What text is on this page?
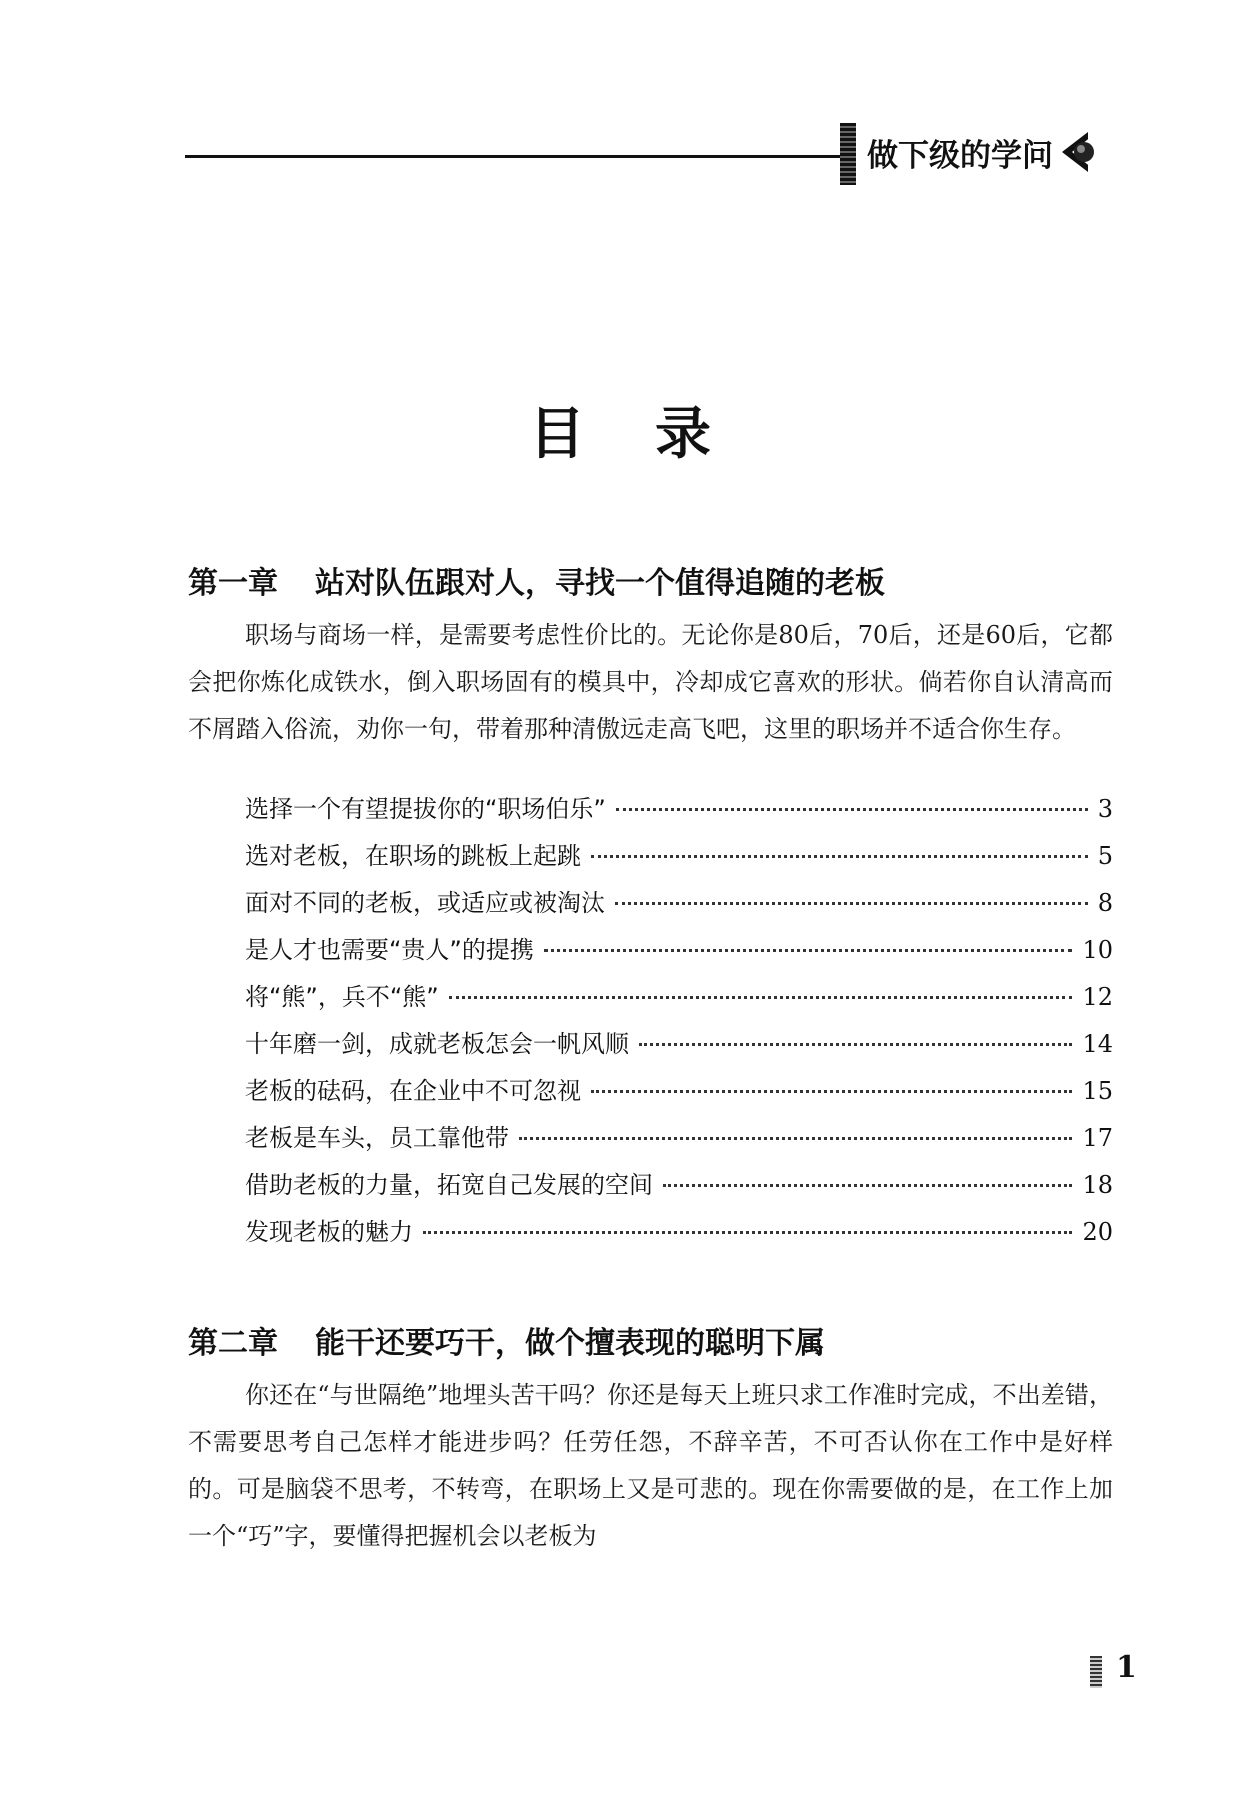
做下级的学问
目录
第一章 站对队伍跟对人，寻找一个值得追随的老板
职场与商场一样，是需要考虑性价比的。无论你是80后，70后，还是60后，它都会把你炼化成铁水，倒入职场固有的模具中，冷却成它喜欢的形状。倘若你自认清高而不屑踏入俗流，劝你一句，带着那种清傲远走高飞吧，这里的职场并不适合你生存。
选择一个有望提拔你的“职场伯乐”	3
选对老板，在职场的跳板上起跳	5
面对不同的老板，或适应或被淘汰	8
是人才也需要“贵人”的提携	10
将“熊”，兵不“熊”	12
十年磨一剑，成就老板怎会一帆风顺	14
老板的砝码，在企业中不可忽视	15
老板是车头，员工靠他带	17
借助老板的力量，拓宽自己发展的空间	18
发现老板的魅力	20
第二章 能干还要巧干，做个擅表现的聪明下属
你还在“与世隔绝”地埋头苦干吗？你还是每天上班只求工作准时完成，不出差错，不需要思考自己怎样才能进步吗？任劳任怨，不辞辛苦，不可否认你在工作中是好样的。可是脑袋不思考，不转弯，在职场上又是可悲的。现在你需要做的是，在工作上加一个“巧”字，要懂得把握机会以老板为
1
